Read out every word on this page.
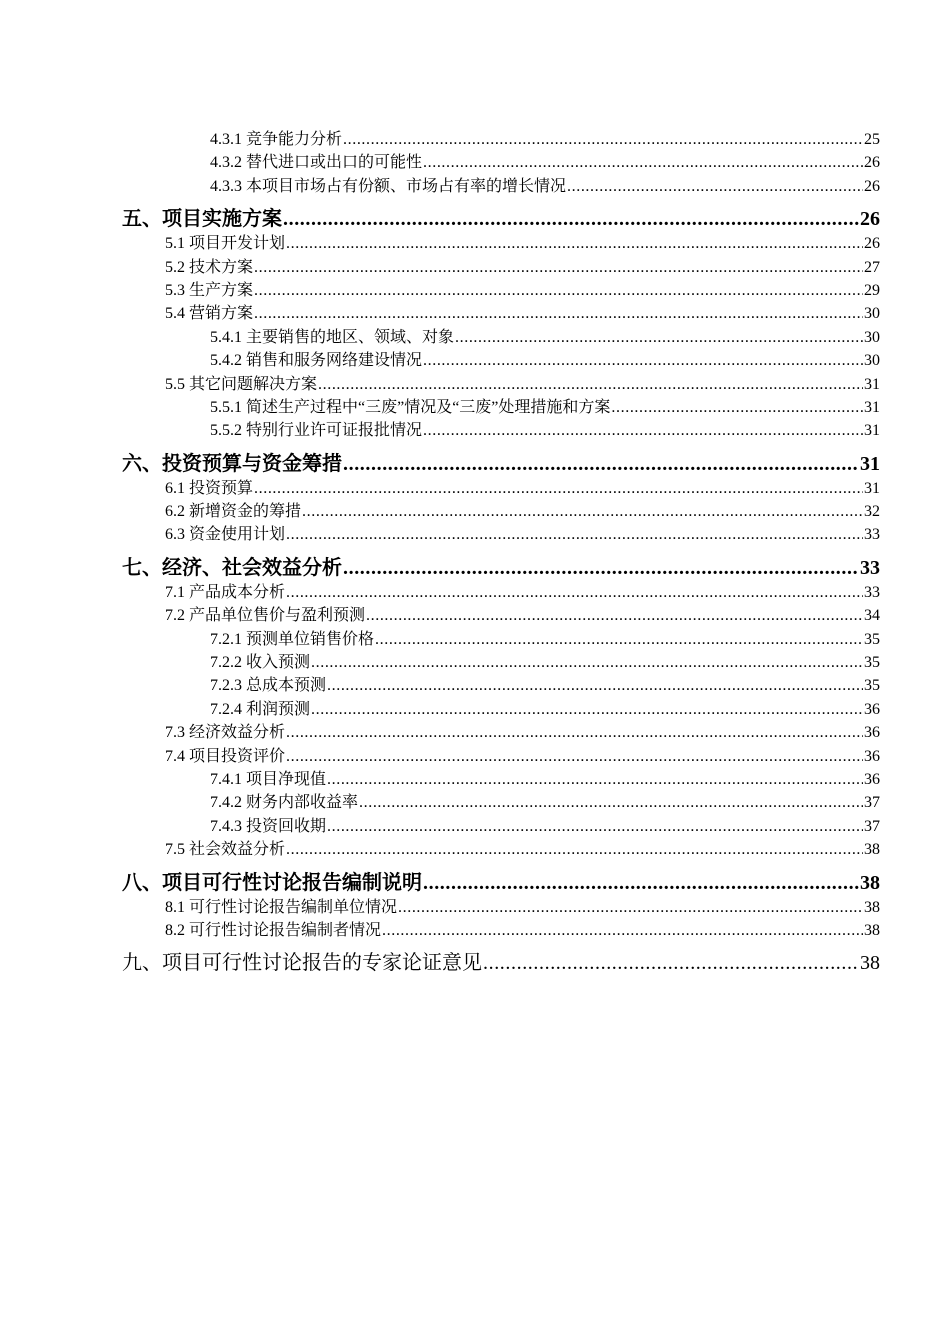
4.3.1 竞争能力分析 .....	25
4.3.2 替代进口或出口的可能性 .....	26
4.3.3 本项目市场占有份额、市场占有率的增长情况 .....	26
五、项目实施方案 .....	26
5.1 项目开发计划 .....	26
5.2 技术方案 .....	27
5.3 生产方案 .....	29
5.4 营销方案 .....	30
5.4.1 主要销售的地区、领域、对象 .....	30
5.4.2 销售和服务网络建设情况 .....	30
5.5 其它问题解决方案 .....	31
5.5.1 简述生产过程中“三废”情况及“三废”处理措施和方案 .....	31
5.5.2 特别行业许可证报批情况 .....	31
六、投资预算与资金筹措 .....	31
6.1 投资预算 .....	31
6.2 新增资金的筹措 .....	32
6.3 资金使用计划 .....	33
七、经济、社会效益分析 .....	33
7.1 产品成本分析 .....	33
7.2 产品单位售价与盈利预测 .....	34
7.2.1 预测单位销售价格 .....	35
7.2.2 收入预测 .....	35
7.2.3 总成本预测 .....	35
7.2.4 利润预测 .....	36
7.3 经济效益分析 .....	36
7.4 项目投资评价 .....	36
7.4.1 项目净现值 .....	36
7.4.2 财务内部收益率 .....	37
7.4.3 投资回收期 .....	37
7.5 社会效益分析 .....	38
八、项目可行性讨论报告编制说明 .....	38
8.1 可行性讨论报告编制单位情况 .....	38
8.2 可行性讨论报告编制者情况 .....	38
九、项目可行性讨论报告的专家论证意见 .....	38
